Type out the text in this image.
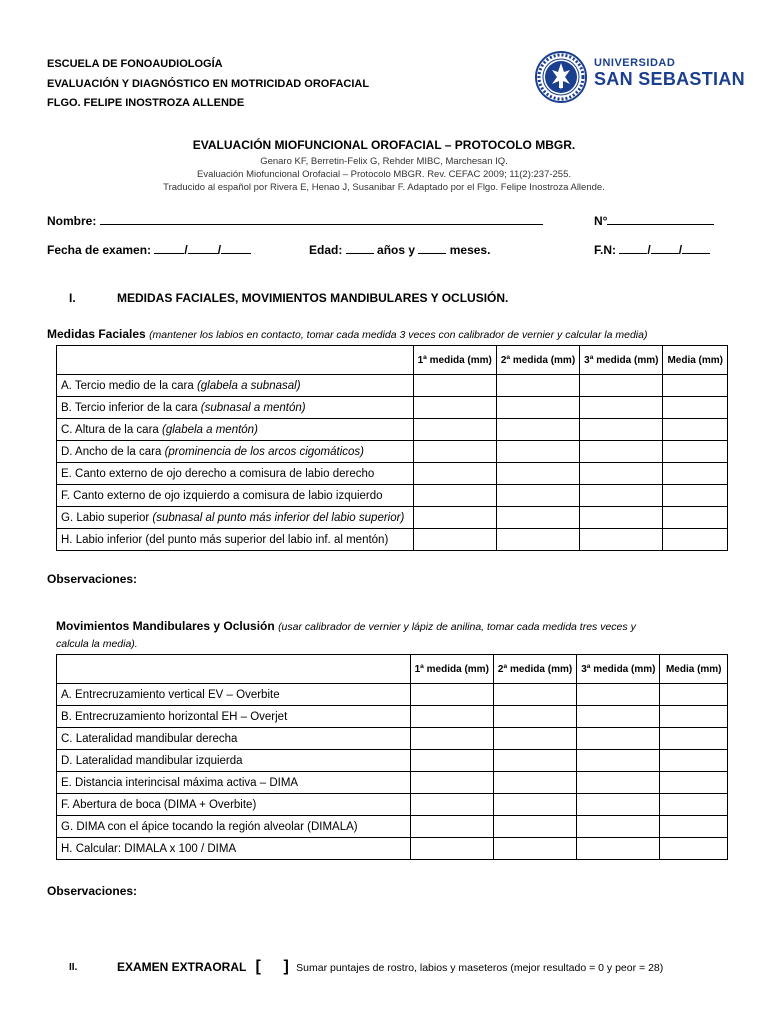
ESCUELA DE FONOAUDIOLOGÍA
EVALUACIÓN Y DIAGNÓSTICO EN MOTRICIDAD OROFACIAL
FLGO. FELIPE INOSTROZA ALLENDE
UNIVERSIDAD
SAN SEBASTIAN
EVALUACIÓN MIOFUNCIONAL OROFACIAL – PROTOCOLO MBGR.
Genaro KF, Berretin-Felix G, Rehder MIBC, Marchesan IQ.
Evaluación Miofuncional Orofacial – Protocolo MBGR. Rev. CEFAC 2009; 11(2):237-255.
Traducido al español por Rivera E, Henao J, Susanibar F. Adaptado por el Flgo. Felipe Inostroza Allende.
Nombre:	N°
Fecha de examen:	/	/	Edad:	años y	meses.	F.N:	/ /
I.	MEDIDAS FACIALES, MOVIMIENTOS MANDIBULARES Y OCLUSIÓN.
Medidas Faciales (mantener los labios en contacto, tomar cada medida 3 veces con calibrador de vernier y calcular la media)
	1ª medida (mm)	2ª medida (mm)	3ª medida (mm)	Media (mm)
A. Tercio medio de la cara (glabela a subnasal)				
B. Tercio inferior de la cara (subnasal a mentón)				
C. Altura de la cara (glabela a mentón)				
D. Ancho de la cara (prominencia de los arcos cigomáticos)				
E. Canto externo de ojo derecho a comisura de labio derecho				
F. Canto externo de ojo izquierdo a comisura de labio izquierdo				
G. Labio superior (subnasal al punto más inferior del labio superior)				
H. Labio inferior (del punto más superior del labio inf. al mentón)				
Observaciones:
Movimientos Mandibulares y Oclusión (usar calibrador de vernier y lápiz de anilina, tomar cada medida tres veces y
calcula la media).
	1ª medida (mm)	2ª medida (mm)	3ª medida (mm)	Media (mm)
A. Entrecruzamiento vertical EV – Overbite				
B. Entrecruzamiento horizontal EH – Overjet				
C. Lateralidad mandibular derecha				
D. Lateralidad mandibular izquierda				
E. Distancia interincisal máxima activa – DIMA				
F. Abertura de boca (DIMA + Overbite)				
G. DIMA con el ápice tocando la región alveolar (DIMALA)				
H. Calcular: DIMALA x 100 / DIMA				
Observaciones:
II.	EXAMEN EXTRAORAL [ ] Sumar puntajes de rostro, labios y maseteros (mejor resultado = 0 y peor = 28)
